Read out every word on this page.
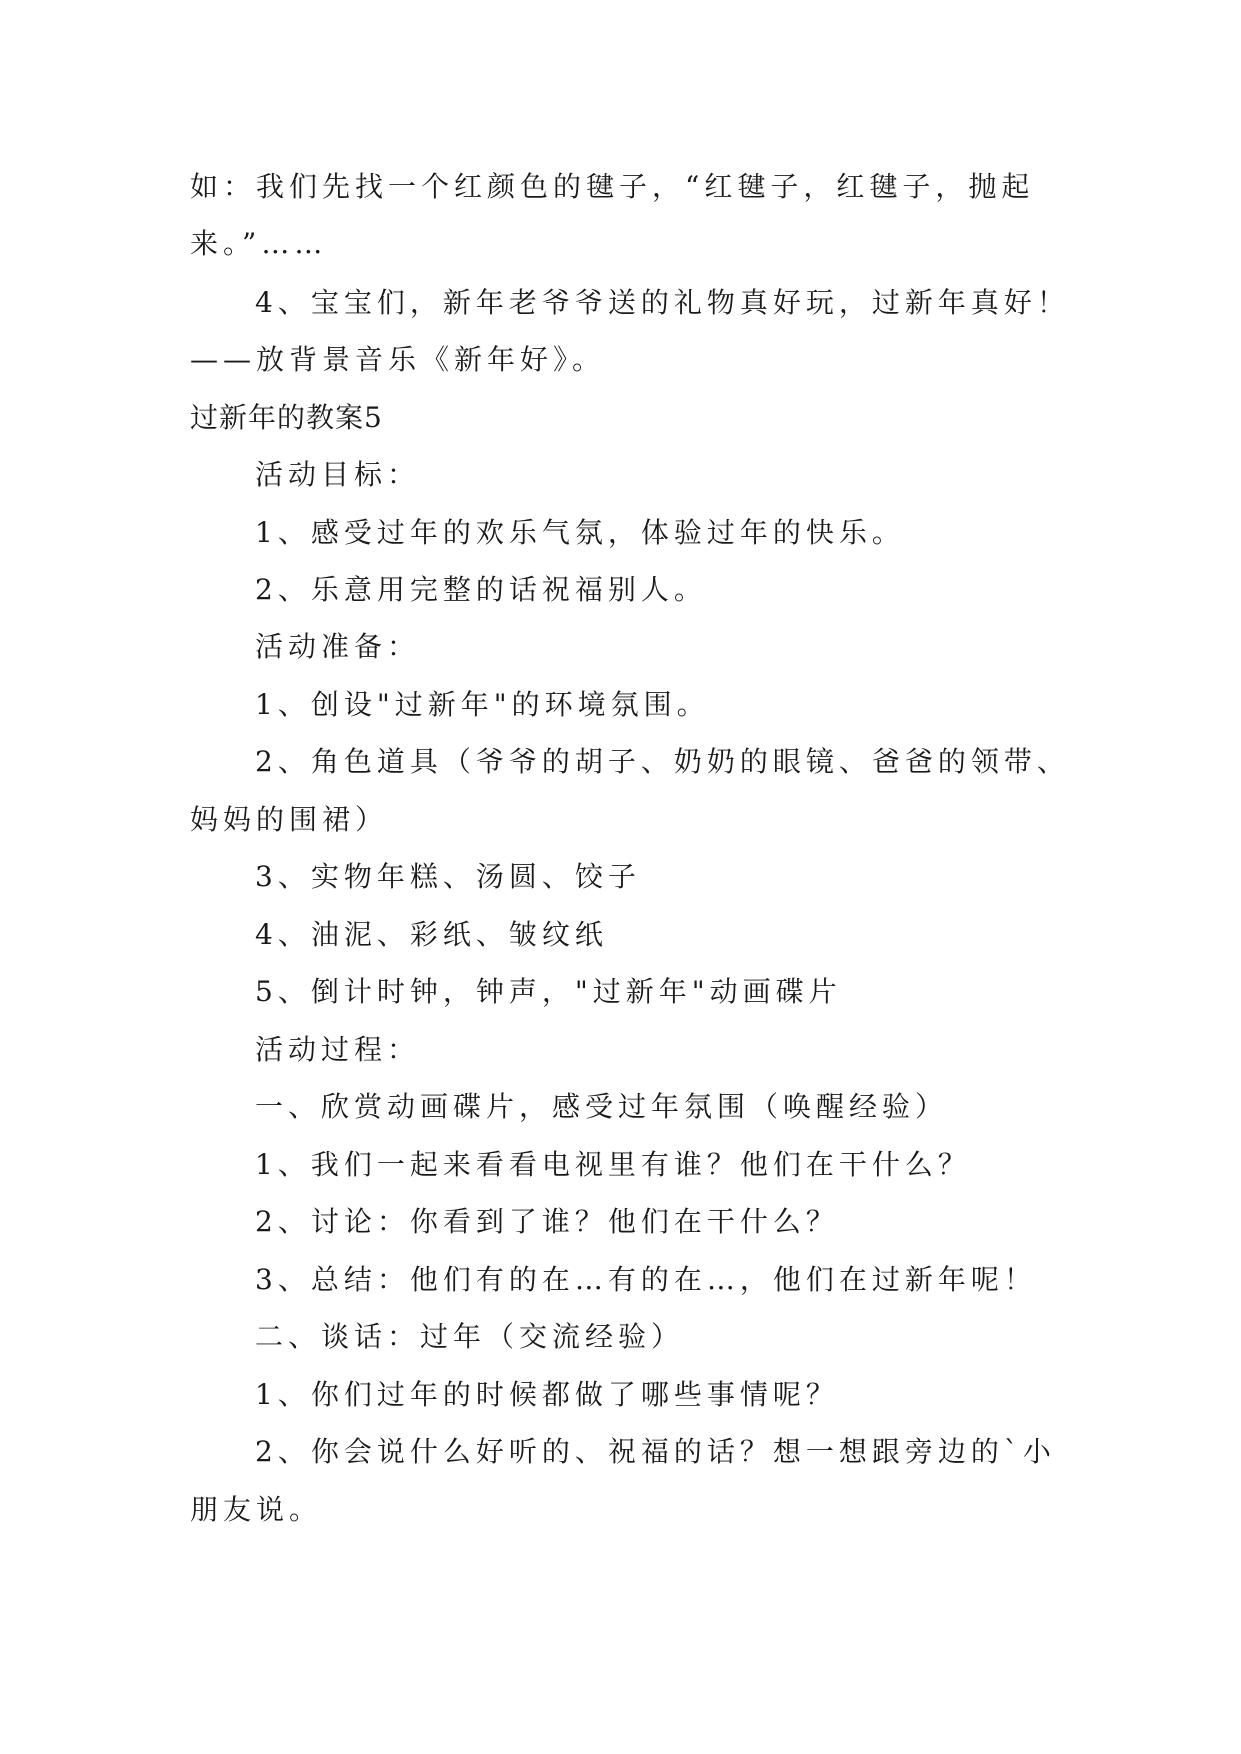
如：我们先找一个红颜色的毽子，“红毽子，红毽子，抛起

来。”……

4、宝宝们，新年老爷爷送的礼物真好玩，过新年真好！

——放背景音乐《新年好》。

过新年的教案5

活动目标：

1、感受过年的欢乐气氛，体验过年的快乐。

2、乐意用完整的话祝福别人。

活动准备：

1、创设"过新年"的环境氛围。

2、角色道具（爷爷的胡子、奶奶的眼镜、爸爸的领带、

妈妈的围裙）

3、实物年糕、汤圆、饺子

4、油泥、彩纸、皱纹纸

5、倒计时钟，钟声，"过新年"动画碟片

活动过程：

一、欣赏动画碟片，感受过年氛围（唤醒经验）

1、我们一起来看看电视里有谁？他们在干什么？

2、讨论：你看到了谁？他们在干什么？

3、总结：他们有的在…有的在…，他们在过新年呢！

二、谈话：过年（交流经验）

1、你们过年的时候都做了哪些事情呢？

2、你会说什么好听的、祝福的话？想一想跟旁边的`小

朋友说。
